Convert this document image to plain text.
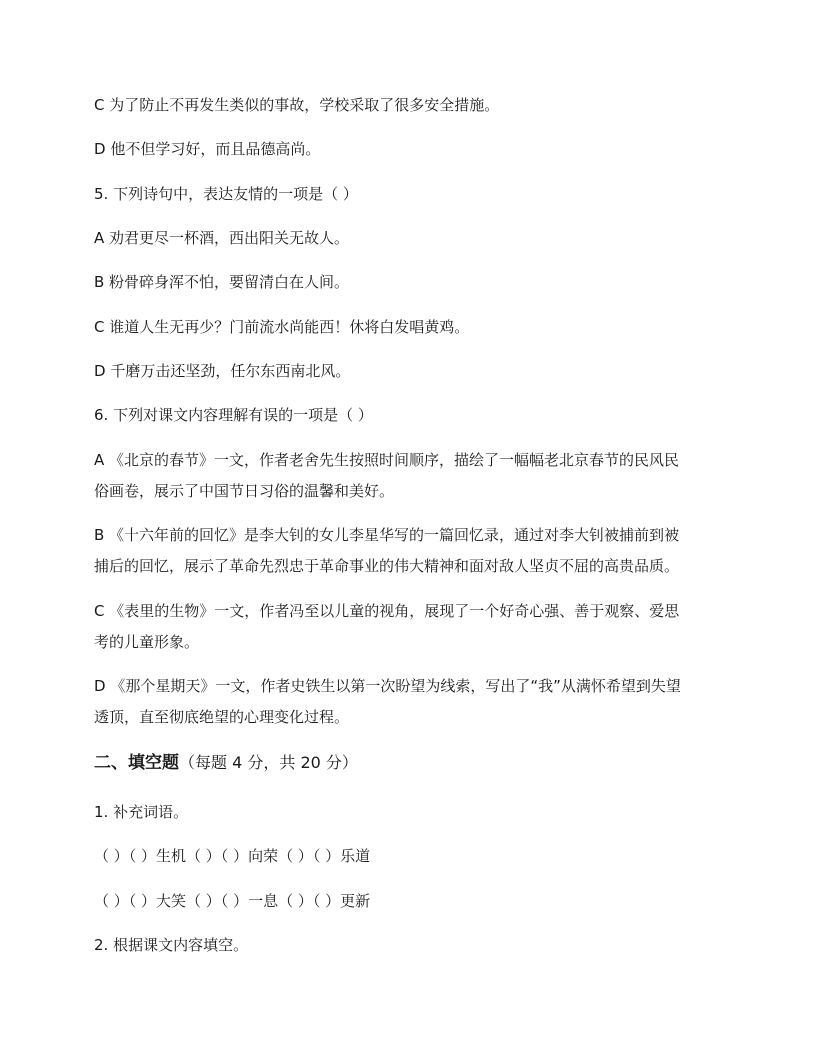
C 为了防止不再发生类似的事故，学校采取了很多安全措施。
D 他不但学习好，而且品德高尚。
5. 下列诗句中，表达友情的一项是（ ）
A 劝君更尽一杯酒，西出阳关无故人。
B 粉骨碎身浑不怕，要留清白在人间。
C 谁道人生无再少？门前流水尚能西！休将白发唱黄鸡。
D 千磨万击还坚劲，任尔东西南北风。
6. 下列对课文内容理解有误的一项是（ ）
A 《北京的春节》一文，作者老舍先生按照时间顺序，描绘了一幅幅老北京春节的民风民
俗画卷，展示了中国节日习俗的温馨和美好。
B 《十六年前的回忆》是李大钊的女儿李星华写的一篇回忆录，通过对李大钊被捕前到被
捕后的回忆，展示了革命先烈忠于革命事业的伟大精神和面对敌人坚贞不屈的高贵品质。
C 《表里的生物》一文，作者冯至以儿童的视角，展现了一个好奇心强、善于观察、爱思
考的儿童形象。
D 《那个星期天》一文，作者史铁生以第一次盼望为线索，写出了“我”从满怀希望到失望
透顶，直至彻底绝望的心理变化过程。
二、填空题（每题 4 分，共 20 分）
1. 补充词语。
（ ）（ ）生机（ ）（ ）向荣（ ）（ ）乐道
（ ）（ ）大笑（ ）（ ）一息（ ）（ ）更新
2. 根据课文内容填空。
